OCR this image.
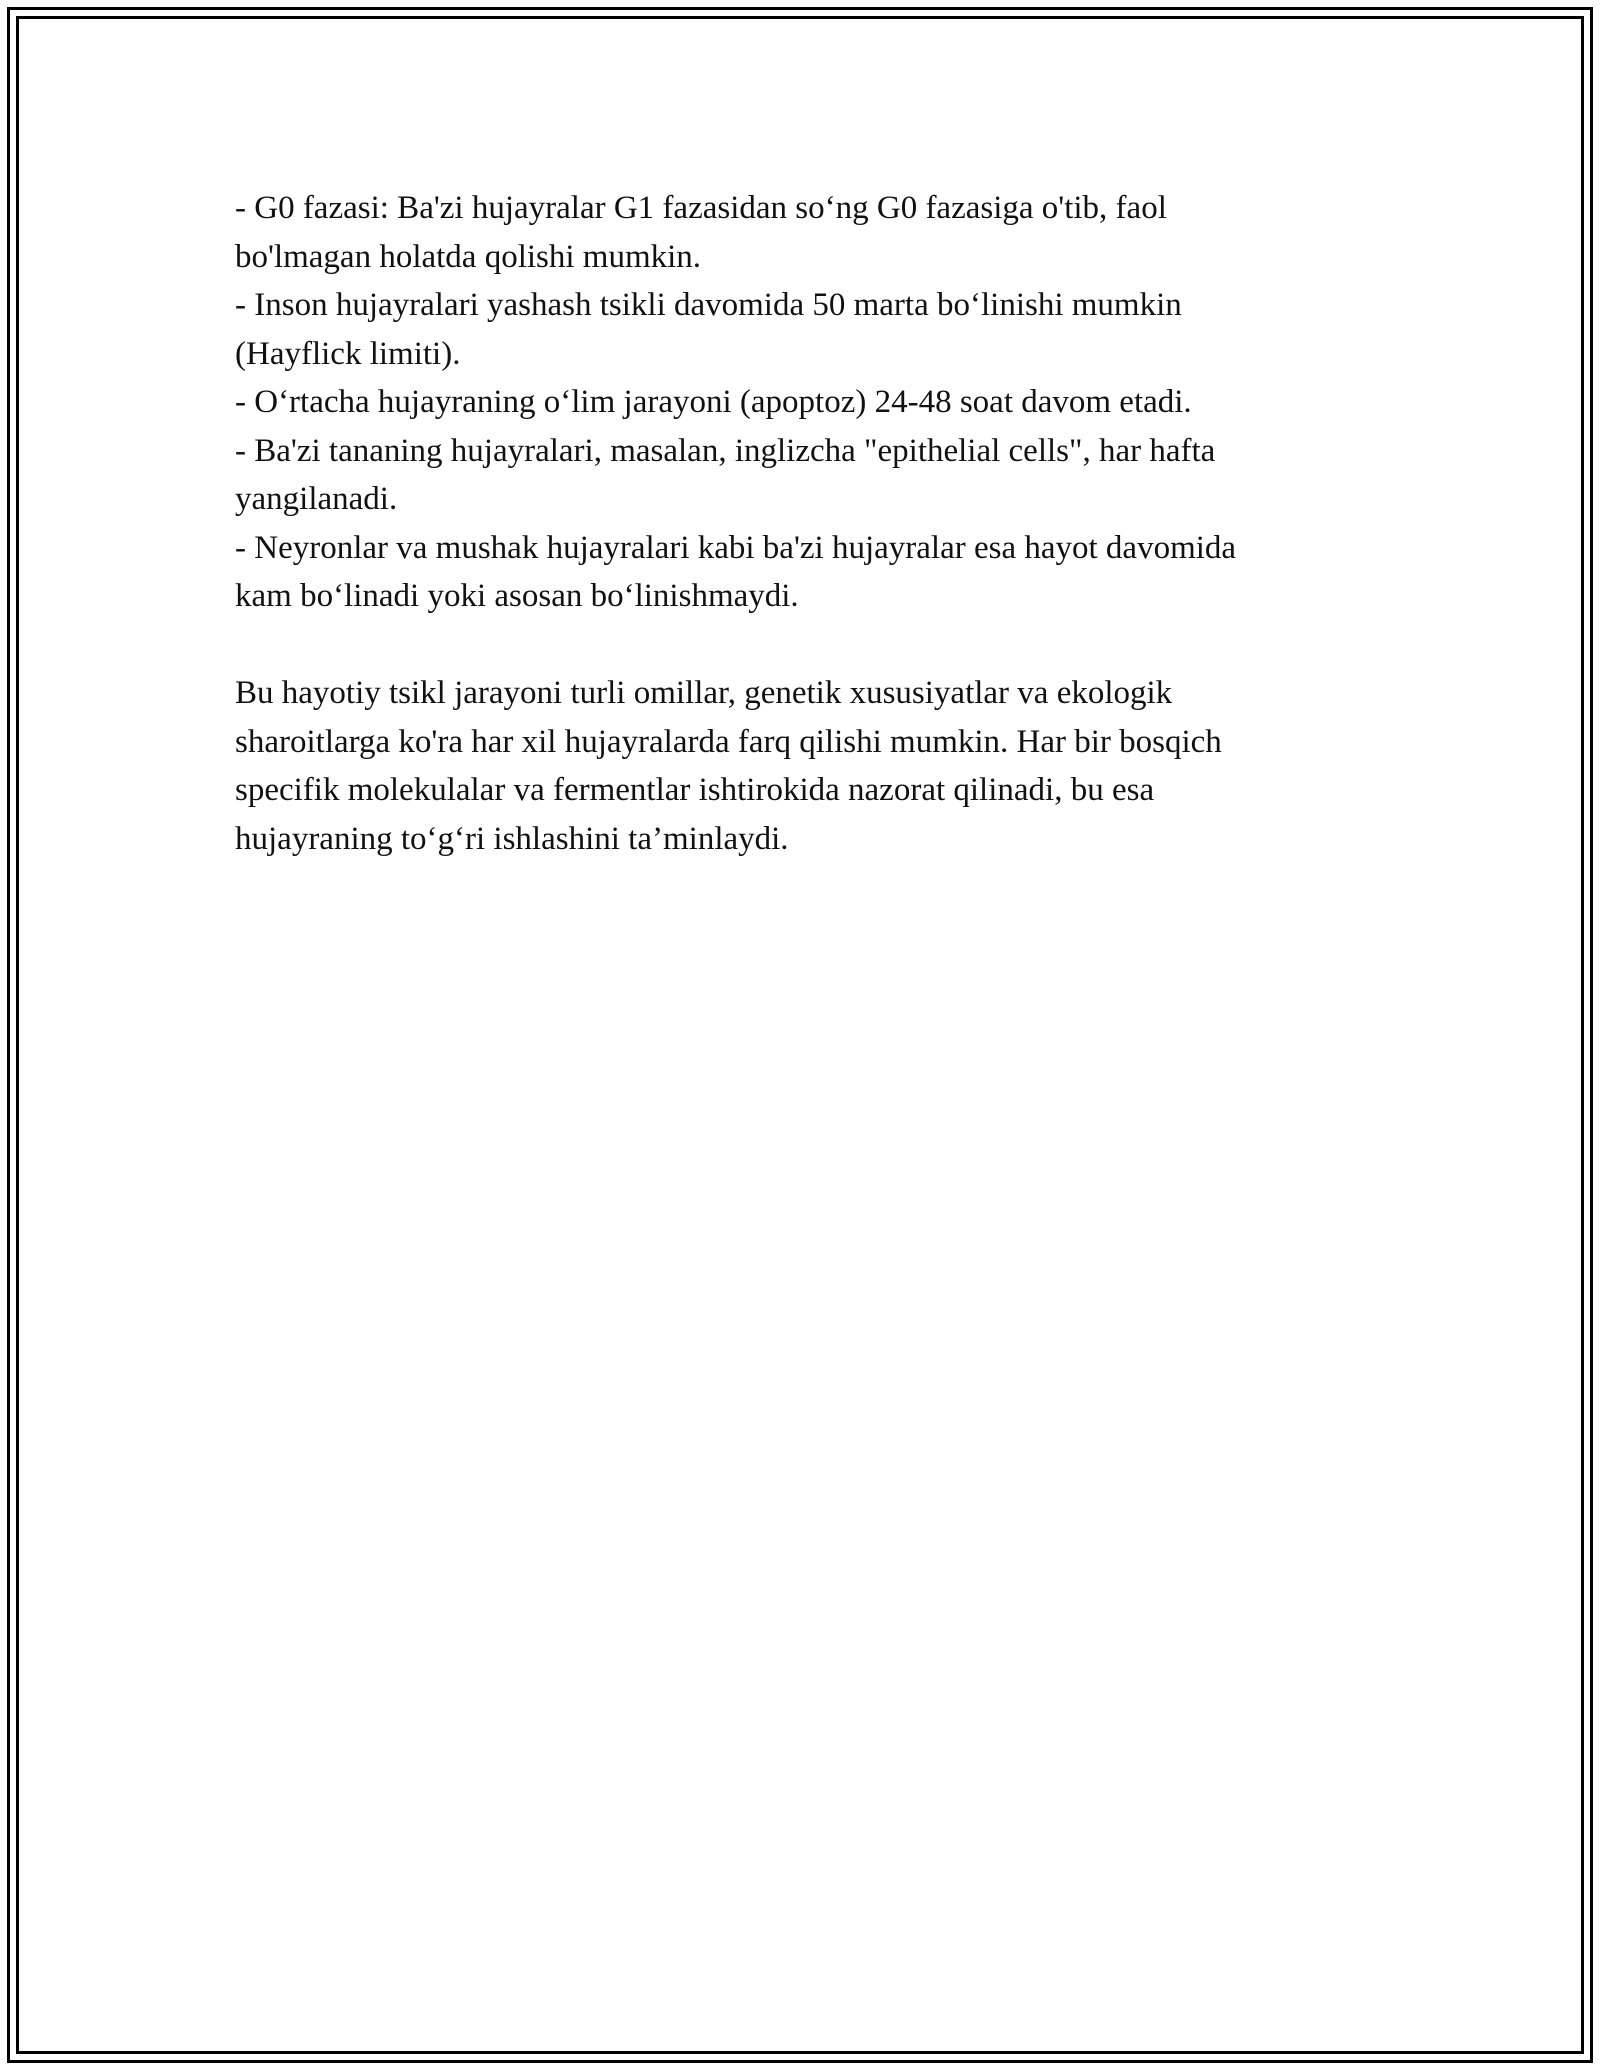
- G0 fazasi: Ba'zi hujayralar G1 fazasidan so‘ng G0 fazasiga o'tib, faol
bo'lmagan holatda qolishi mumkin.
- Inson hujayralari yashash tsikli davomida 50 marta bo‘linishi mumkin
(Hayflick limiti).
- O‘rtacha hujayraning o‘lim jarayoni (apoptoz) 24-48 soat davom etadi.
- Ba'zi tananing hujayralari, masalan, inglizcha "epithelial cells", har hafta
yangilanadi.
- Neyronlar va mushak hujayralari kabi ba'zi hujayralar esa hayot davomida
kam bo‘linadi yoki asosan bo‘linishmaydi.
Bu hayotiy tsikl jarayoni turli omillar, genetik xususiyatlar va ekologik
sharoitlarga ko'ra har xil hujayralarda farq qilishi mumkin. Har bir bosqich
specifik molekulalar va fermentlar ishtirokida nazorat qilinadi, bu esa
hujayraning to‘g‘ri ishlashini ta’minlaydi.
